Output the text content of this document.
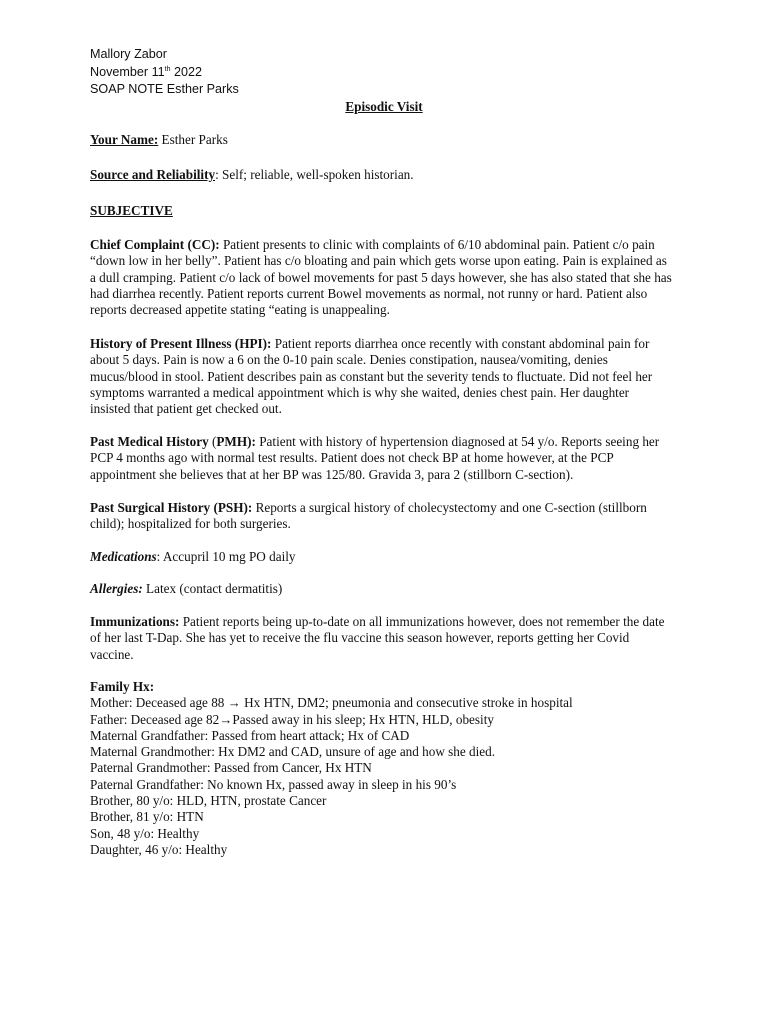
Mallory Zabor
November 11th 2022
SOAP NOTE Esther Parks
Episodic Visit

Your Name: Esther Parks

Source and Reliability: Self; reliable, well-spoken historian.

SUBJECTIVE

Chief Complaint (CC): Patient presents to clinic with complaints of 6/10 abdominal pain. Patient c/o pain “down low in her belly”. Patient has c/o bloating and pain which gets worse upon eating. Pain is explained as a dull cramping. Patient c/o lack of bowel movements for past 5 days however, she has also stated that she has had diarrhea recently. Patient reports current Bowel movements as normal, not runny or hard. Patient also reports decreased appetite stating “eating is unappealing.

History of Present Illness (HPI): Patient reports diarrhea once recently with constant abdominal pain for about 5 days. Pain is now a 6 on the 0-10 pain scale. Denies constipation, nausea/vomiting, denies mucus/blood in stool. Patient describes pain as constant but the severity tends to fluctuate. Did not feel her symptoms warranted a medical appointment which is why she waited, denies chest pain. Her daughter insisted that patient get checked out.

Past Medical History (PMH): Patient with history of hypertension diagnosed at 54 y/o. Reports seeing her PCP 4 months ago with normal test results. Patient does not check BP at home however, at the PCP appointment she believes that at her BP was 125/80. Gravida 3, para 2 (stillborn C-section).

Past Surgical History (PSH): Reports a surgical history of cholecystectomy and one C-section (stillborn child); hospitalized for both surgeries.

Medications: Accupril 10 mg PO daily

Allergies: Latex (contact dermatitis)

Immunizations: Patient reports being up-to-date on all immunizations however, does not remember the date of her last T-Dap. She has yet to receive the flu vaccine this season however, reports getting her Covid vaccine.

Family Hx:
Mother: Deceased age 88 → Hx HTN, DM2; pneumonia and consecutive stroke in hospital
Father: Deceased age 82→Passed away in his sleep; Hx HTN, HLD, obesity
Maternal Grandfather: Passed from heart attack; Hx of CAD
Maternal Grandmother: Hx DM2 and CAD, unsure of age and how she died.
Paternal Grandmother: Passed from Cancer, Hx HTN
Paternal Grandfather: No known Hx, passed away in sleep in his 90’s
Brother, 80 y/o: HLD, HTN, prostate Cancer
Brother, 81 y/o: HTN
Son, 48 y/o: Healthy
Daughter, 46 y/o: Healthy
